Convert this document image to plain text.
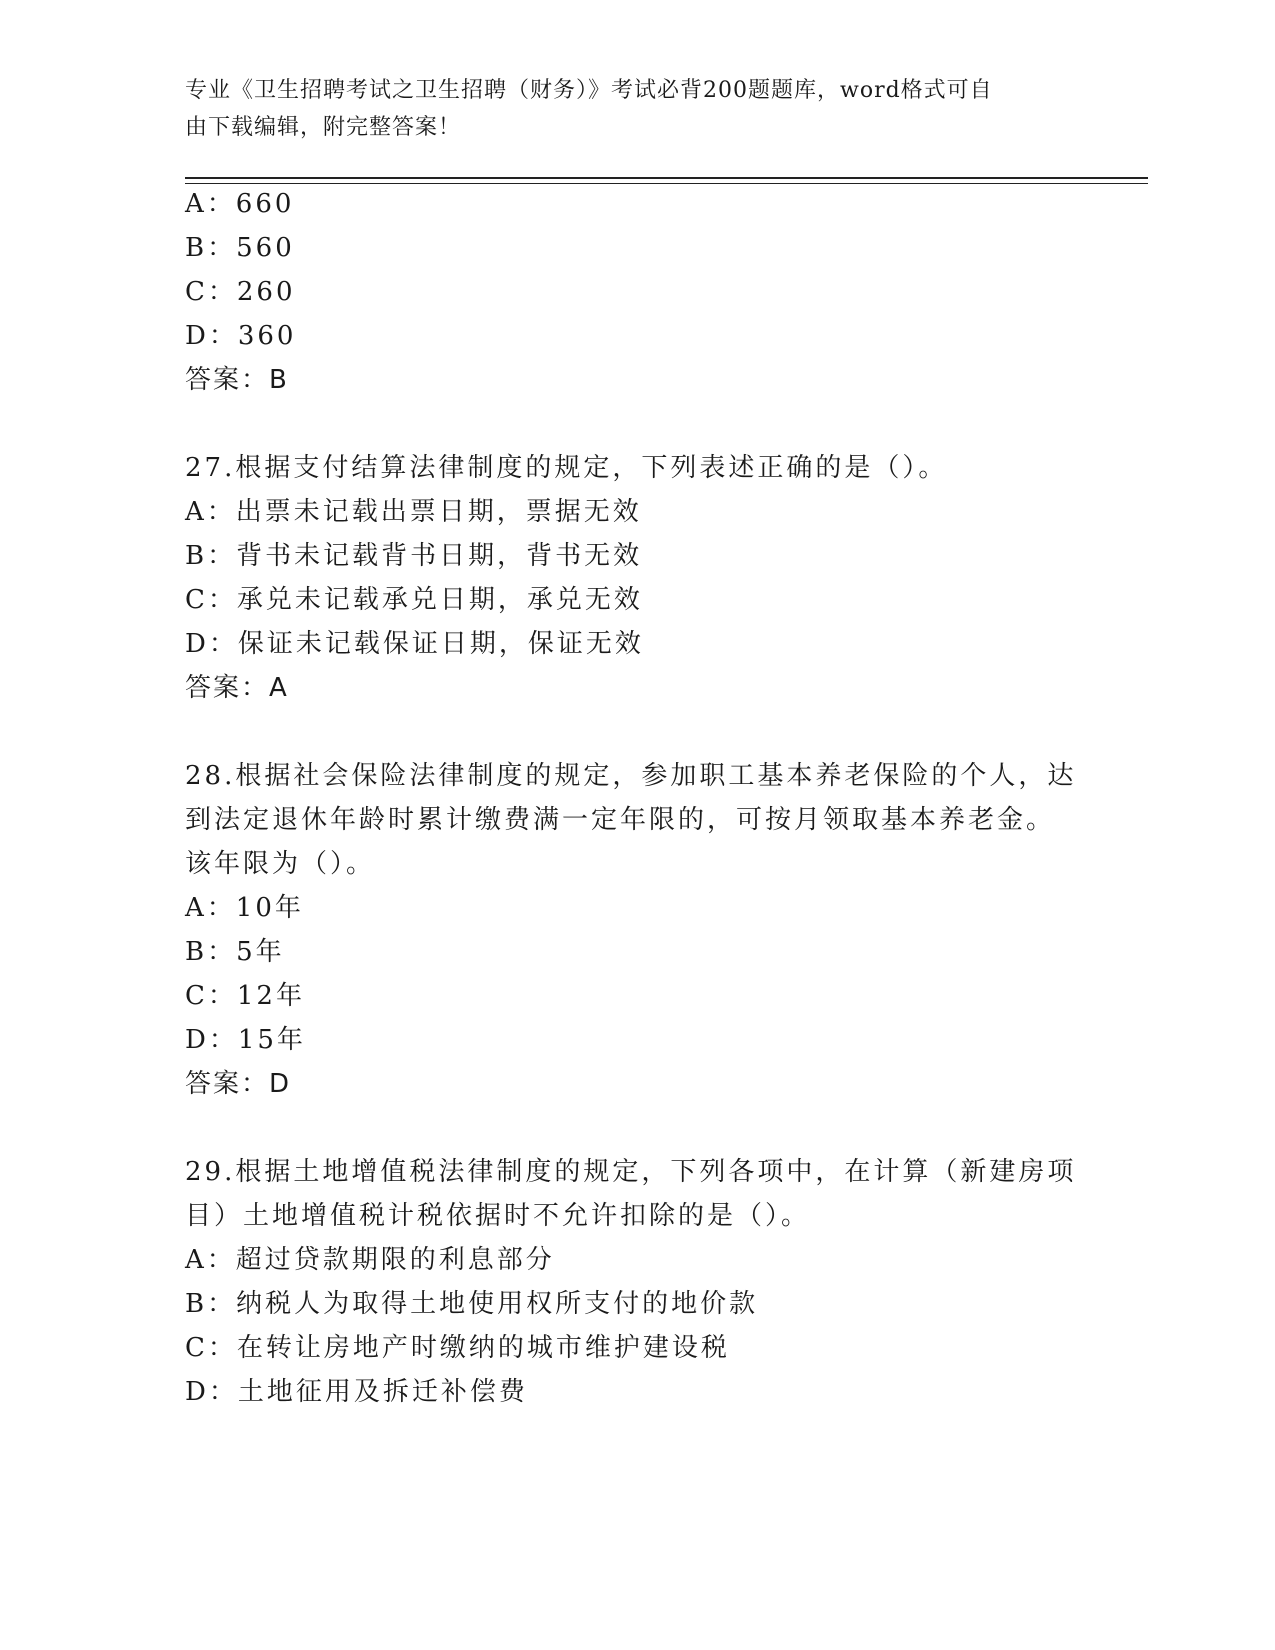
专业《卫生招聘考试之卫生招聘（财务）》考试必背200题题库，word格式可自
由下载编辑，附完整答案！
A：660
B：560
C：260
D：360
答案：B
27.根据支付结算法律制度的规定，下列表述正确的是（）。
A：出票未记载出票日期，票据无效
B：背书未记载背书日期，背书无效
C：承兑未记载承兑日期，承兑无效
D：保证未记载保证日期，保证无效
答案：A
28.根据社会保险法律制度的规定，参加职工基本养老保险的个人，达
到法定退休年龄时累计缴费满一定年限的，可按月领取基本养老金。
该年限为（）。
A：10年
B：5年
C：12年
D：15年
答案：D
29.根据土地增值税法律制度的规定，下列各项中，在计算（新建房项
目）土地增值税计税依据时不允许扣除的是（）。
A：超过贷款期限的利息部分
B：纳税人为取得土地使用权所支付的地价款
C：在转让房地产时缴纳的城市维护建设税
D：土地征用及拆迁补偿费
